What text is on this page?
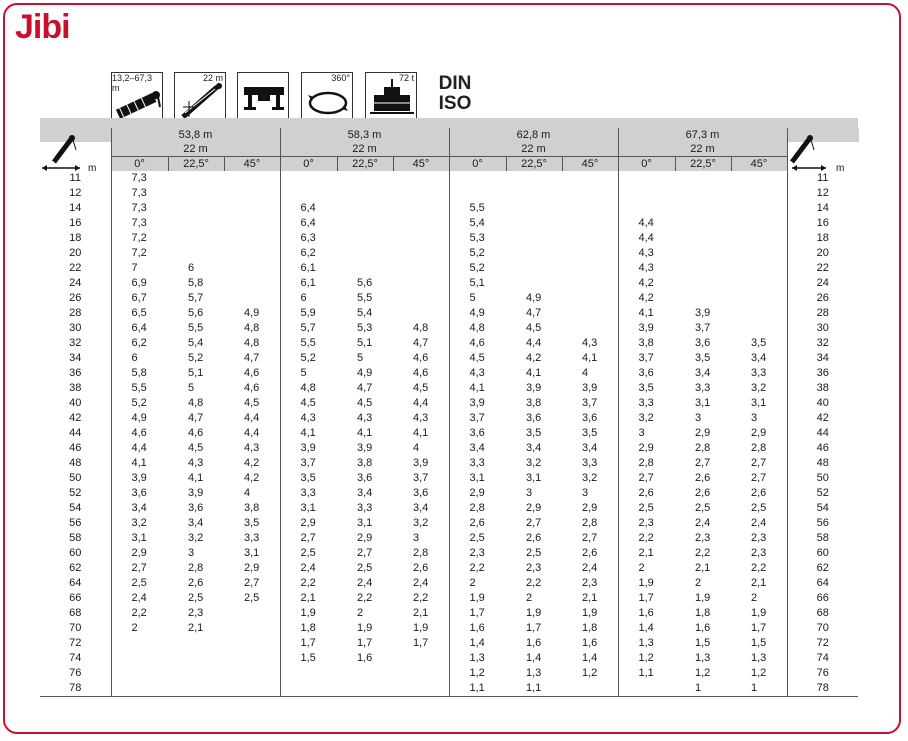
Jibi
13,2–67,3 m
22 m	360°	72 t	DIN
ISO
m	53,8 m			58,3 m			62,8 m			67,3 m			m

	22 m			22 m			22 m			22 m			
	0°	22,5°	45°	0°	22,5°	45°	0°	22,5°	45°	0°	22,5°	45°	
11	7,3												11
12	7,3												12
14	7,3			6,4			5,5						14
16	7,3			6,4			5,4			4,4			16
18	7,2			6,3			5,3			4,4			18
20	7,2			6,2			5,2			4,3			20
22	7	6		6,1			5,2			4,3			22
24	6,9	5,8		6,1	5,6		5,1			4,2			24
26	6,7	5,7		6	5,5		5	4,9		4,2			26
28	6,5	5,6	4,9	5,9	5,4		4,9	4,7		4,1	3,9		28
30	6,4	5,5	4,8	5,7	5,3	4,8	4,8	4,5		3,9	3,7		30
32	6,2	5,4	4,8	5,5	5,1	4,7	4,6	4,4	4,3	3,8	3,6	3,5	32
34	6	5,2	4,7	5,2	5	4,6	4,5	4,2	4,1	3,7	3,5	3,4	34
36	5,8	5,1	4,6	5	4,9	4,6	4,3	4,1	4	3,6	3,4	3,3	36
38	5,5	5	4,6	4,8	4,7	4,5	4,1	3,9	3,9	3,5	3,3	3,2	38
40	5,2	4,8	4,5	4,5	4,5	4,4	3,9	3,8	3,7	3,3	3,1	3,1	40
42	4,9	4,7	4,4	4,3	4,3	4,3	3,7	3,6	3,6	3,2	3	3	42
44	4,6	4,6	4,4	4,1	4,1	4,1	3,6	3,5	3,5	3	2,9	2,9	44
46	4,4	4,5	4,3	3,9	3,9	4	3,4	3,4	3,4	2,9	2,8	2,8	46
48	4,1	4,3	4,2	3,7	3,8	3,9	3,3	3,2	3,3	2,8	2,7	2,7	48
50	3,9	4,1	4,2	3,5	3,6	3,7	3,1	3,1	3,2	2,7	2,6	2,7	50
52	3,6	3,9	4	3,3	3,4	3,6	2,9	3	3	2,6	2,6	2,6	52
54	3,4	3,6	3,8	3,1	3,3	3,4	2,8	2,9	2,9	2,5	2,5	2,5	54
56	3,2	3,4	3,5	2,9	3,1	3,2	2,6	2,7	2,8	2,3	2,4	2,4	56
58	3,1	3,2	3,3	2,7	2,9	3	2,5	2,6	2,7	2,2	2,3	2,3	58
60	2,9	3	3,1	2,5	2,7	2,8	2,3	2,5	2,6	2,1	2,2	2,3	60
62	2,7	2,8	2,9	2,4	2,5	2,6	2,2	2,3	2,4	2	2,1	2,2	62
64	2,5	2,6	2,7	2,2	2,4	2,4	2	2,2	2,3	1,9	2	2,1	64
66	2,4	2,5	2,5	2,1	2,2	2,2	1,9	2	2,1	1,7	1,9	2	66
68	2,2	2,3		1,9	2	2,1	1,7	1,9	1,9	1,6	1,8	1,9	68
70	2	2,1		1,8	1,9	1,9	1,6	1,7	1,8	1,4	1,6	1,7	70
72				1,7	1,7	1,7	1,4	1,6	1,6	1,3	1,5	1,5	72
74				1,5	1,6		1,3	1,4	1,4	1,2	1,3	1,3	74
76							1,2	1,3	1,2	1,1	1,2	1,2	76
78							1,1	1,1			1	1	78
